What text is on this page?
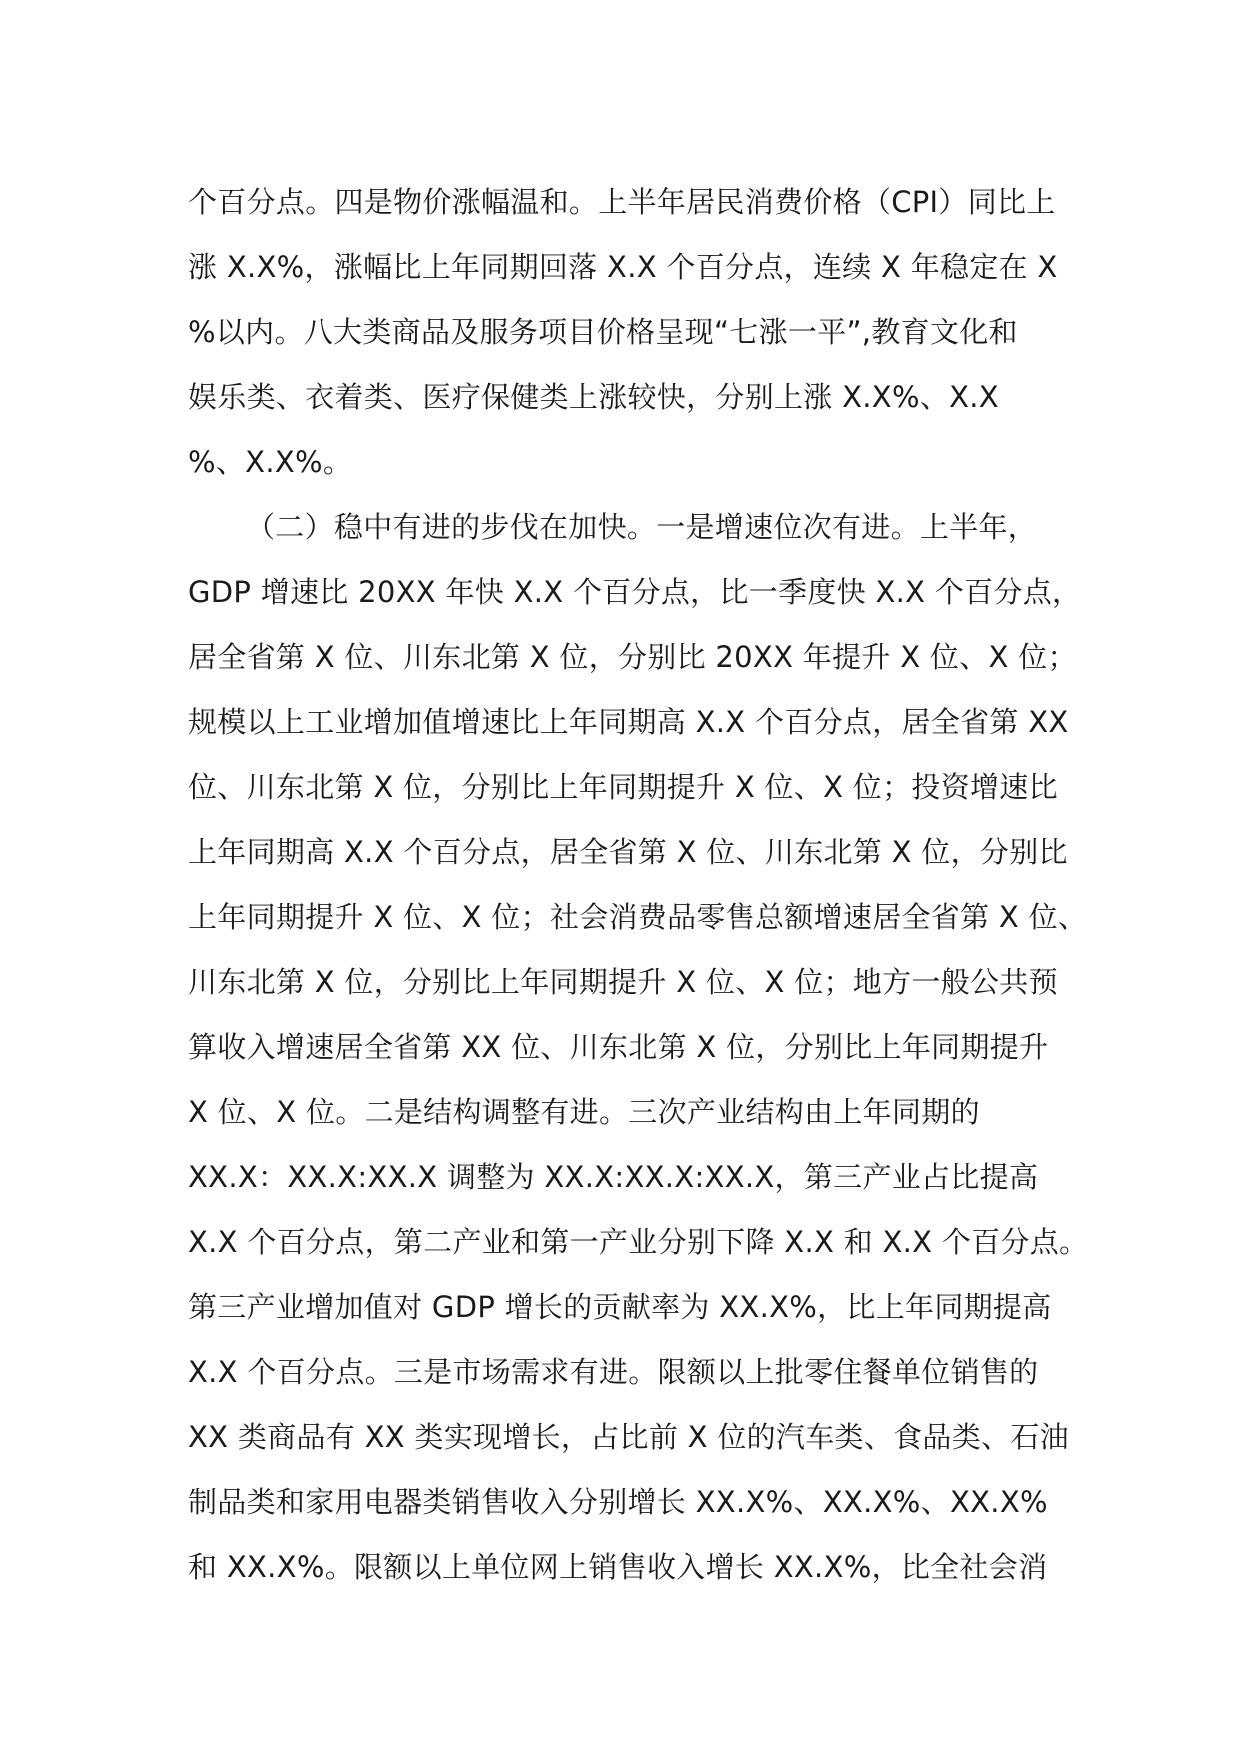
个百分点。四是物价涨幅温和。上半年居民消费价格（CPI）同比上
涨 X.X%，涨幅比上年同期回落 X.X 个百分点，连续 X 年稳定在 X
%以内。八大类商品及服务项目价格呈现“七涨一平”,教育文化和
娱乐类、衣着类、医疗保健类上涨较快，分别上涨 X.X%、X.X
%、X.X%。
（二）稳中有进的步伐在加快。一是增速位次有进。上半年，
GDP 增速比 20XX 年快 X.X 个百分点，比一季度快 X.X 个百分点，
居全省第 X 位、川东北第 X 位，分别比 20XX 年提升 X 位、X 位；
规模以上工业增加值增速比上年同期高 X.X 个百分点，居全省第 XX
位、川东北第 X 位，分别比上年同期提升 X 位、X 位；投资增速比
上年同期高 X.X 个百分点，居全省第 X 位、川东北第 X 位，分别比
上年同期提升 X 位、X 位；社会消费品零售总额增速居全省第 X 位、
川东北第 X 位，分别比上年同期提升 X 位、X 位；地方一般公共预
算收入增速居全省第 XX 位、川东北第 X 位，分别比上年同期提升
X 位、X 位。二是结构调整有进。三次产业结构由上年同期的
XX.X：XX.X:XX.X 调整为 XX.X:XX.X:XX.X，第三产业占比提高
X.X 个百分点，第二产业和第一产业分别下降 X.X 和 X.X 个百分点。
第三产业增加值对 GDP 增长的贡献率为 XX.X%，比上年同期提高
X.X 个百分点。三是市场需求有进。限额以上批零住餐单位销售的
XX 类商品有 XX 类实现增长，占比前 X 位的汽车类、食品类、石油
制品类和家用电器类销售收入分别增长 XX.X%、XX.X%、XX.X%
和 XX.X%。限额以上单位网上销售收入增长 XX.X%，比全社会消
